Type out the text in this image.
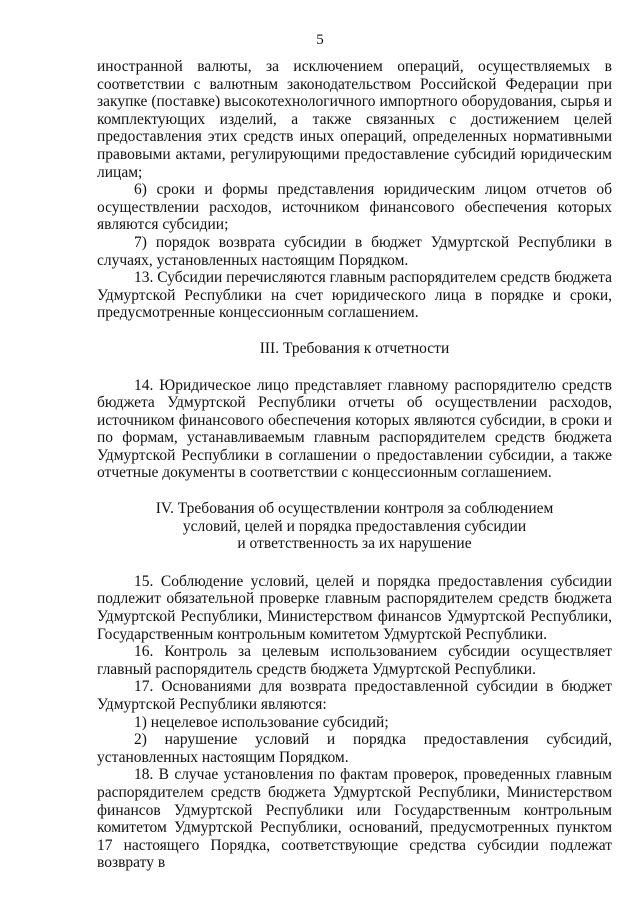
5

иностранной валюты, за исключением операций, осуществляемых в соответствии с валютным законодательством Российской Федерации при закупке (поставке) высокотехнологичного импортного оборудования, сырья и комплектующих изделий, а также связанных с достижением целей предоставления этих средств иных операций, определенных нормативными правовыми актами, регулирующими предоставление субсидий юридическим лицам;

6) сроки и формы представления юридическим лицом отчетов об осуществлении расходов, источником финансового обеспечения которых являются субсидии;

7) порядок возврата субсидии в бюджет Удмуртской Республики в случаях, установленных настоящим Порядком.

13. Субсидии перечисляются главным распорядителем средств бюджета Удмуртской Республики на счет юридического лица в порядке и сроки, предусмотренные концессионным соглашением.

III. Требования к отчетности

14. Юридическое лицо представляет главному распорядителю средств бюджета Удмуртской Республики отчеты об осуществлении расходов, источником финансового обеспечения которых являются субсидии, в сроки и по формам, устанавливаемым главным распорядителем средств бюджета Удмуртской Республики в соглашении о предоставлении субсидии, а также отчетные документы в соответствии с концессионным соглашением.

IV. Требования об осуществлении контроля за соблюдением

условий, целей и порядка предоставления субсидии

и ответственность за их нарушение

15. Соблюдение условий, целей и порядка предоставления субсидии подлежит обязательной проверке главным распорядителем средств бюджета Удмуртской Республики, Министерством финансов Удмуртской Республики, Государственным контрольным комитетом Удмуртской Республики.

16. Контроль за целевым использованием субсидии осуществляет главный распорядитель средств бюджета Удмуртской Республики.

17. Основаниями для возврата предоставленной субсидии в бюджет Удмуртской Республики являются:

1) нецелевое использование субсидий;

2) нарушение условий и порядка предоставления субсидий, установленных настоящим Порядком.

18. В случае установления по фактам проверок, проведенных главным распорядителем средств бюджета Удмуртской Республики, Министерством финансов Удмуртской Республики или Государственным контрольным комитетом Удмуртской Республики, оснований, предусмотренных пунктом 17 настоящего Порядка, соответствующие средства субсидии подлежат возврату в
